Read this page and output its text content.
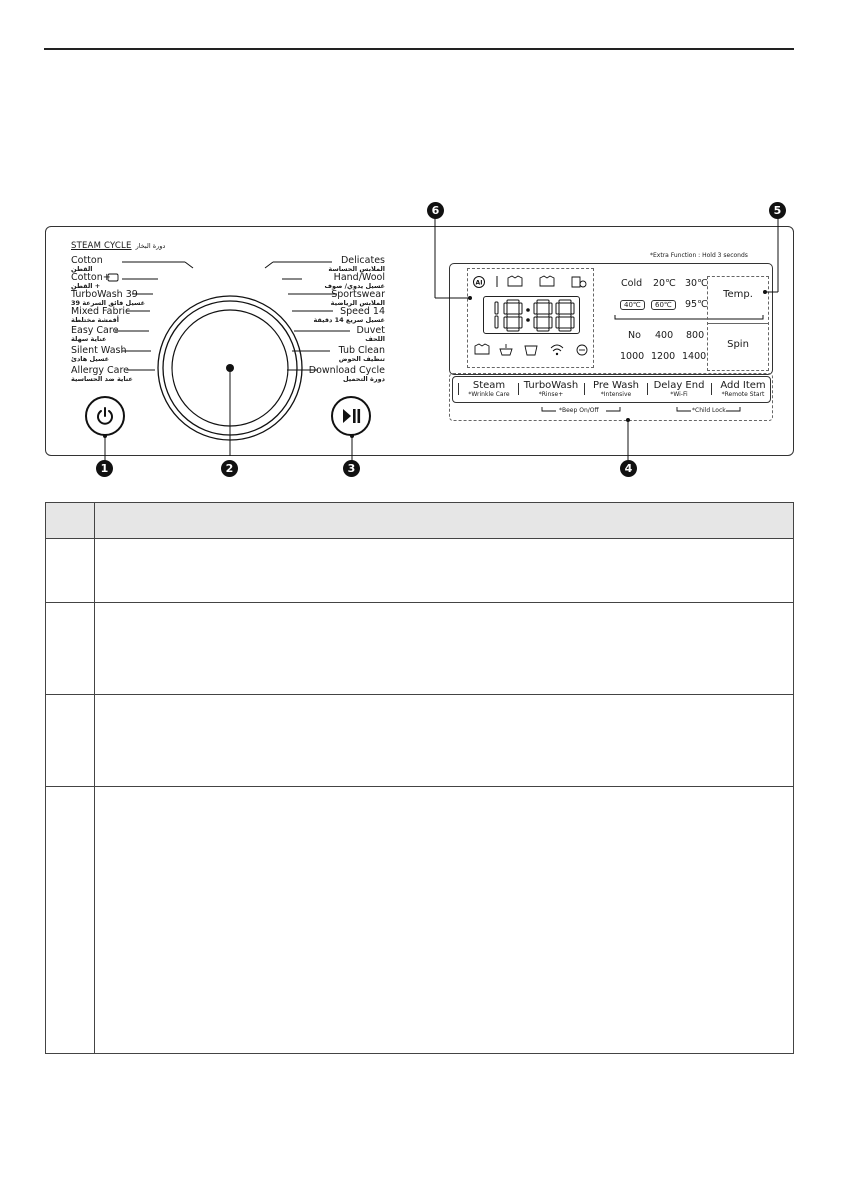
STEAM CYCLE دورة البخار
Cotton
القطن
Cotton+
القطن +
TurboWash 39
39 غسيل فائق السرعة
Mixed Fabric
أقمشة مختلطة
Easy Care
عناية سهلة
Silent Wash
غسيل هادئ
Allergy Care
عناية ضد الحساسية
Delicates
الملابس الحساسة
Hand/Wool
غسيل يدوي/ صوف
Sportswear
الملابس الرياضية
Speed 14
غسيل سريع 14 دقيقة
Duvet
اللحف
Tub Clean
تنظيف الحوض
Download Cycle
دورة التحميل
1	2	3	4
5
6
*Extra Function : Hold 3 seconds
AI	Cold 20℃ 30℃
40℃	60℃	95℃
No 400 800
1000 1200 1400
Temp.
Spin
Steam
*Wrinkle Care
TurboWash
*Rinse+
Pre Wash
*Intensive
Delay End
*Wi-Fi
Add Item
*Remote Start
*Beep On/Off	*Child Lock
